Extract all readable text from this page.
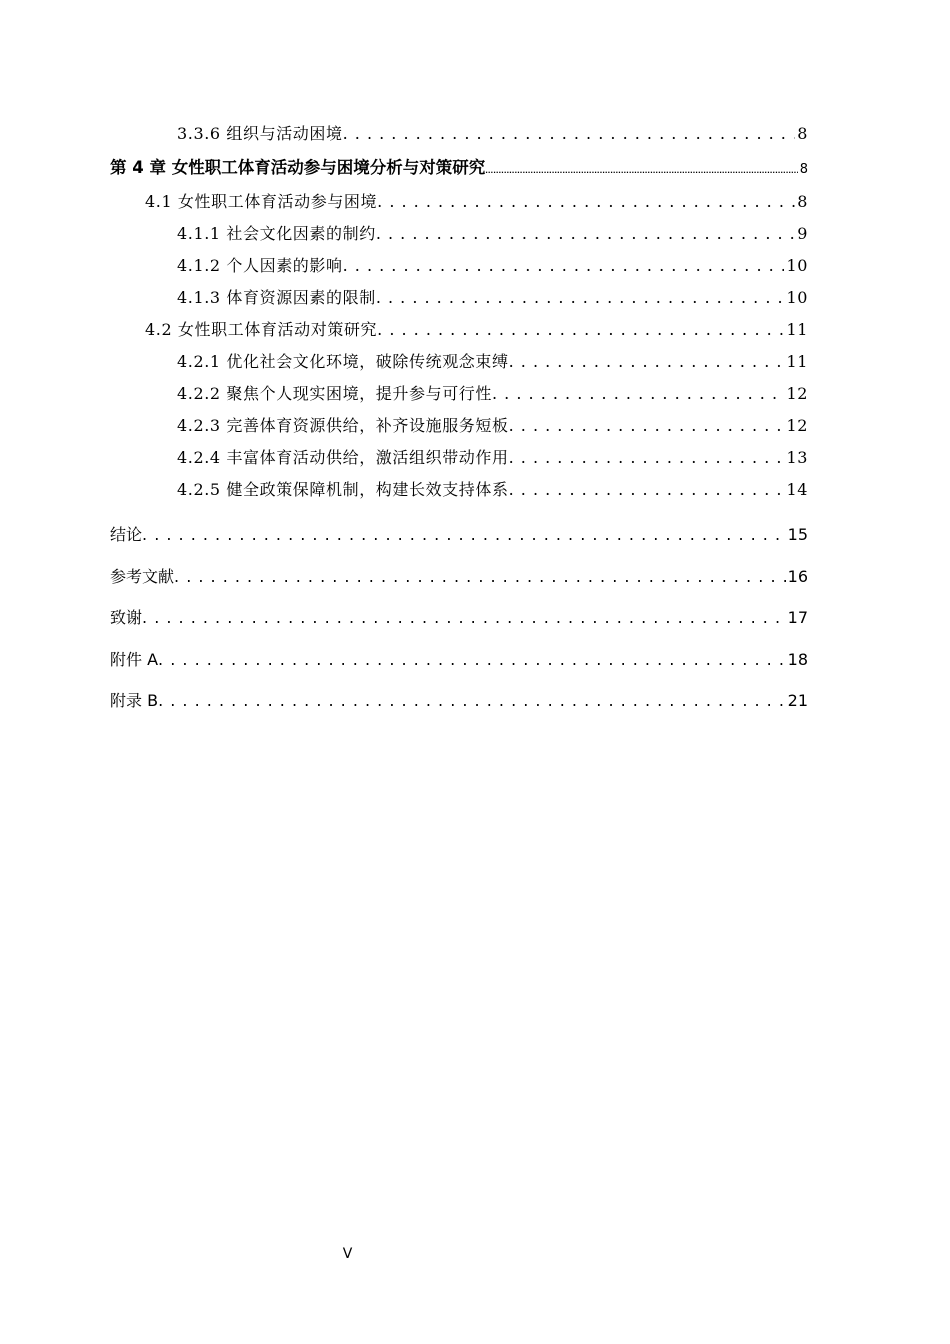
3.3.6 组织与活动困境 . . .	8
第 4 章 女性职工体育活动参与困境分析与对策研究 .....	8
4.1 女性职工体育活动参与困境 . . .	8
4.1.1 社会文化因素的制约 . . .	9
4.1.2 个人因素的影响 . . .	10
4.1.3 体育资源因素的限制 . . .	10
4.2 女性职工体育活动对策研究 . . .	11
4.2.1 优化社会文化环境，破除传统观念束缚 . . .	11
4.2.2 聚焦个人现实困境，提升参与可行性 . . .	12
4.2.3 完善体育资源供给，补齐设施服务短板 . . .	12
4.2.4 丰富体育活动供给，激活组织带动作用 . . .	13
4.2.5 健全政策保障机制，构建长效支持体系 . . .	14
结论 . . .	15
参考文献 . . .	16
致谢 . . .	17
附件 A . . .	18
附录 B . . .	21
V
